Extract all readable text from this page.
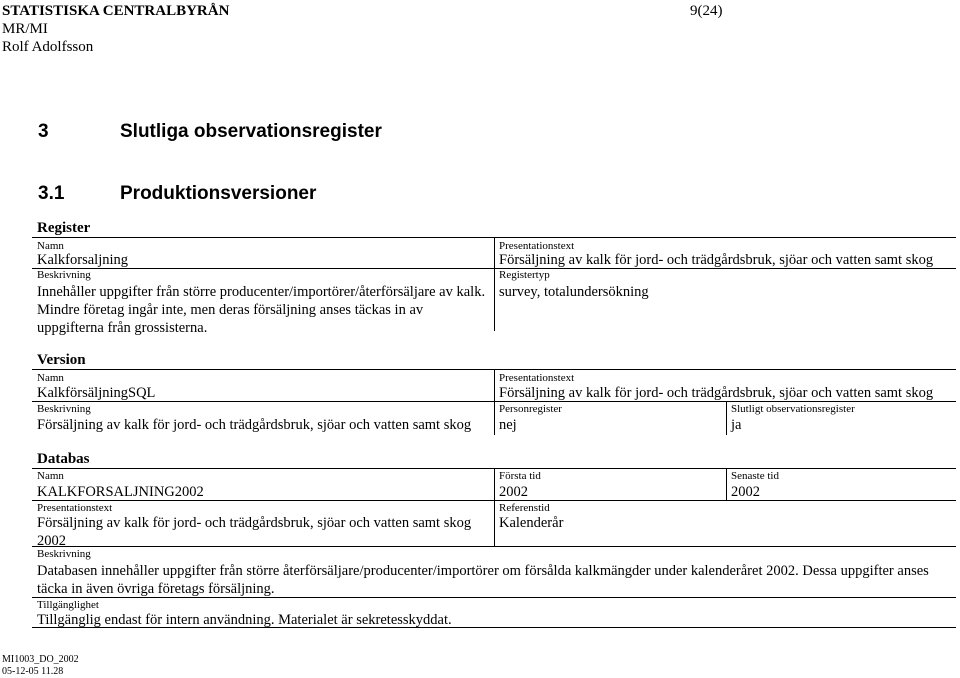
STATISTISKA CENTRALBYRÅN
MR/MI
Rolf Adolfsson
9(24)
3	Slutliga observationsregister
3.1	Produktionsversioner
Register
Namn
Kalkforsaljning
Beskrivning
Innehåller uppgifter från större producenter/importörer/återförsäljare av kalk. Mindre företag ingår inte, men deras försäljning anses täckas in av uppgifterna från grossisterna.
Presentationstext
Försäljning av kalk för jord- och trädgårdsbruk, sjöar och vatten samt skog
Registertyp
survey, totalundersökning
Version
Namn
KalkförsäljningSQL
Beskrivning
Försäljning av kalk för jord- och trädgårdsbruk, sjöar och vatten samt skog
Presentationstext
Försäljning av kalk för jord- och trädgårdsbruk, sjöar och vatten samt skog
Personregister
nej
Slutligt observationsregister
ja
Databas
Namn
KALKFORSALJNING2002
Första tid
2002
Senaste tid
2002
Presentationstext
Försäljning av kalk för jord- och trädgårdsbruk, sjöar och vatten samt skog 2002
Referenstid
Kalenderår
Beskrivning
Databasen innehåller uppgifter från större återförsäljare/producenter/importörer om försålda kalkmängder under kalenderåret 2002. Dessa uppgifter anses täcka in även övriga företags försäljning.
Tillgänglighet
Tillgänglig endast för intern användning. Materialet är sekretesskyddat.
MI1003_DO_2002
05-12-05 11.28
